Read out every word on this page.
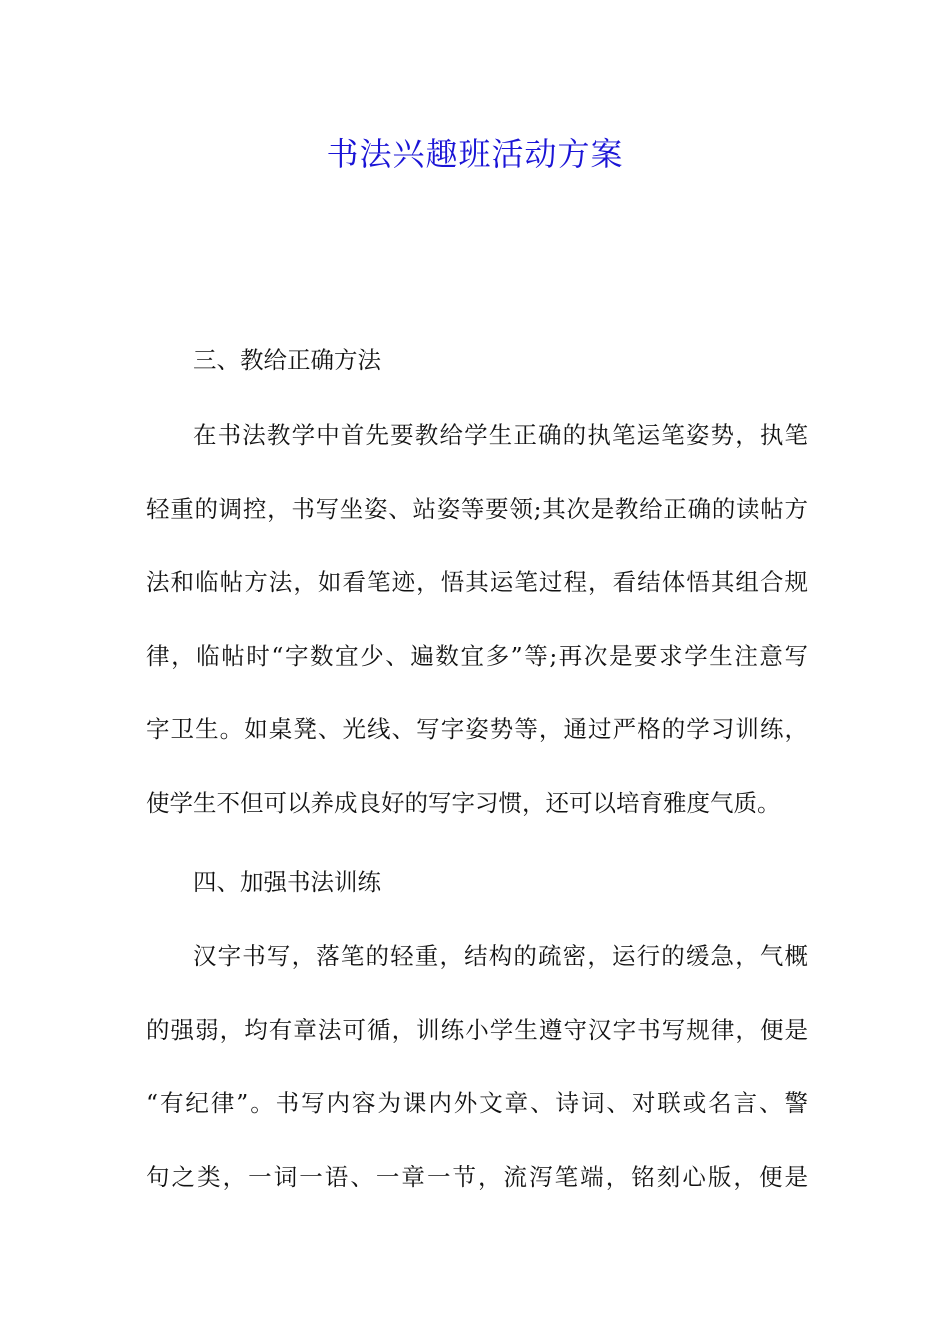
书法兴趣班活动方案
三、教给正确方法
在书法教学中首先要教给学生正确的执笔运笔姿势，执笔
轻重的调控，书写坐姿、站姿等要领;其次是教给正确的读帖方
法和临帖方法，如看笔迹，悟其运笔过程，看结体悟其组合规
律，临帖时“字数宜少、遍数宜多”等;再次是要求学生注意写
字卫生。如桌凳、光线、写字姿势等，通过严格的学习训练，
使学生不但可以养成良好的写字习惯，还可以培育雅度气质。
四、加强书法训练
汉字书写，落笔的轻重，结构的疏密，运行的缓急，气概
的强弱，均有章法可循，训练小学生遵守汉字书写规律，便是
“有纪律”。书写内容为课内外文章、诗词、对联或名言、警
句之类，一词一语、一章一节，流泻笔端，铭刻心版，便是
